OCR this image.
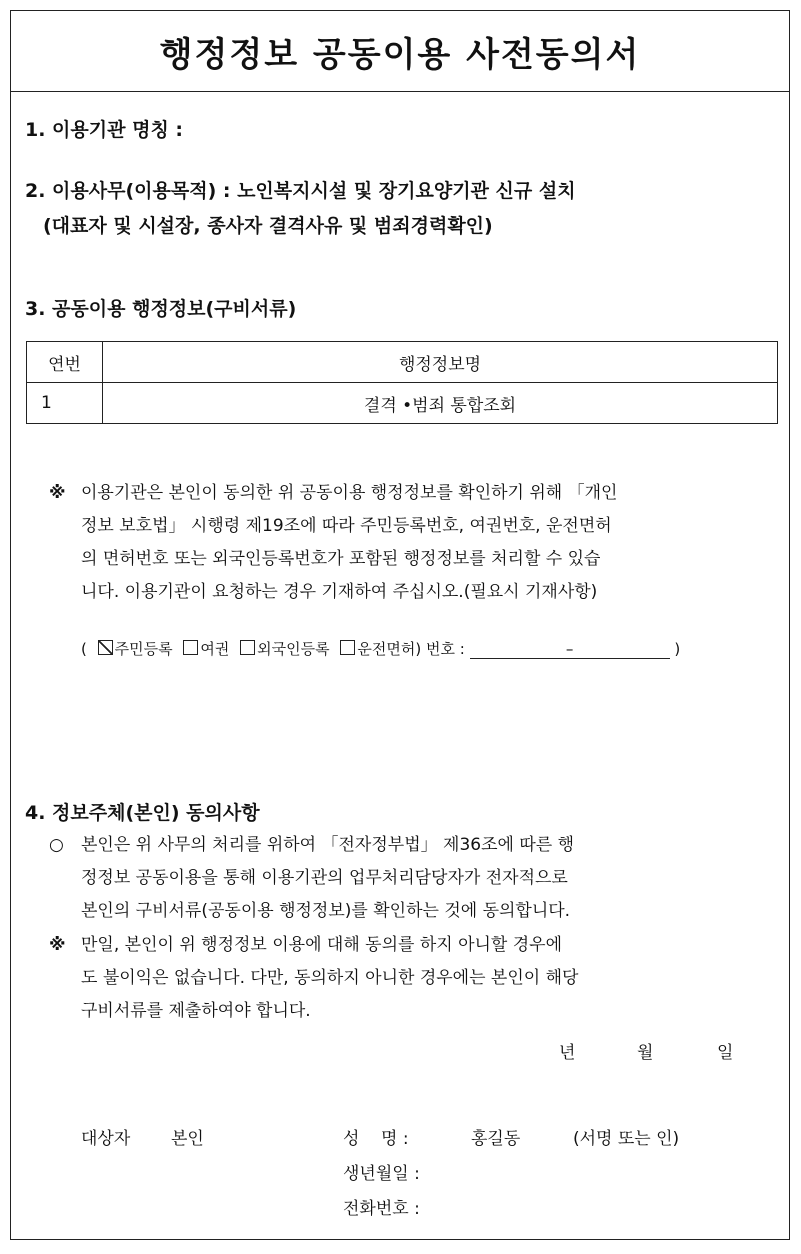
행정정보 공동이용 사전동의서
1. 이용기관 명칭 :
2. 이용사무(이용목적) : 노인복지시설 및 장기요양기관 신규 설치
(대표자 및 시설장, 종사자 결격사유 및 범죄경력확인)
3. 공동이용 행정정보(구비서류)
연번	행정정보명
1	결격 •범죄 통합조회
※ 이용기관은 본인이 동의한 위 공동이용 행정정보를 확인하기 위해 「개인
정보 보호법」 시행령 제19조에 따라 주민등록번호, 여권번호, 운전면허
의 면허번호 또는 외국인등록번호가 포함된 행정정보를 처리할 수 있습
니다. 이용기관이 요청하는 경우 기재하여 주십시오.(필요시 기재사항)
( 주민등록 여권 외국인등록 운전면허) 번호 :	–	)
4. 정보주체(본인) 동의사항
○ 본인은 위 사무의 처리를 위하여 「전자정부법」 제36조에 따른 행
정정보 공동이용을 통해 이용기관의 업무처리담당자가 전자적으로
본인의 구비서류(공동이용 행정정보)를 확인하는 것에 동의합니다.
※ 만일, 본인이 위 행정정보 이용에 대해 동의를 하지 아니할 경우에
도 불이익은 없습니다. 다만, 동의하지 아니한 경우에는 본인이 해당
구비서류를 제출하여야 합니다.
년	월	일
대상자 본인	성    명 :	홍길동	(서명 또는 인)
생년월일 :
전화번호 :
